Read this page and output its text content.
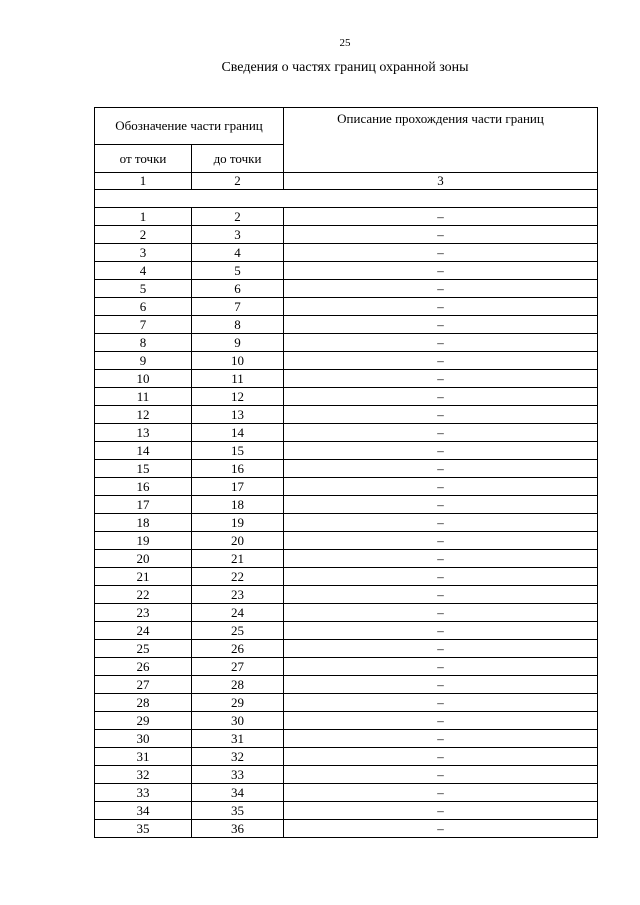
25
Сведения о частях границ охранной зоны
Обозначение части границ		Описание прохождения части границ
от точки	до точки	
1	2	3

1	2	–
2	3	–
3	4	–
4	5	–
5	6	–
6	7	–
7	8	–
8	9	–
9	10	–
10	11	–
11	12	–
12	13	–
13	14	–
14	15	–
15	16	–
16	17	–
17	18	–
18	19	–
19	20	–
20	21	–
21	22	–
22	23	–
23	24	–
24	25	–
25	26	–
26	27	–
27	28	–
28	29	–
29	30	–
30	31	–
31	32	–
32	33	–
33	34	–
34	35	–
35	36	–
